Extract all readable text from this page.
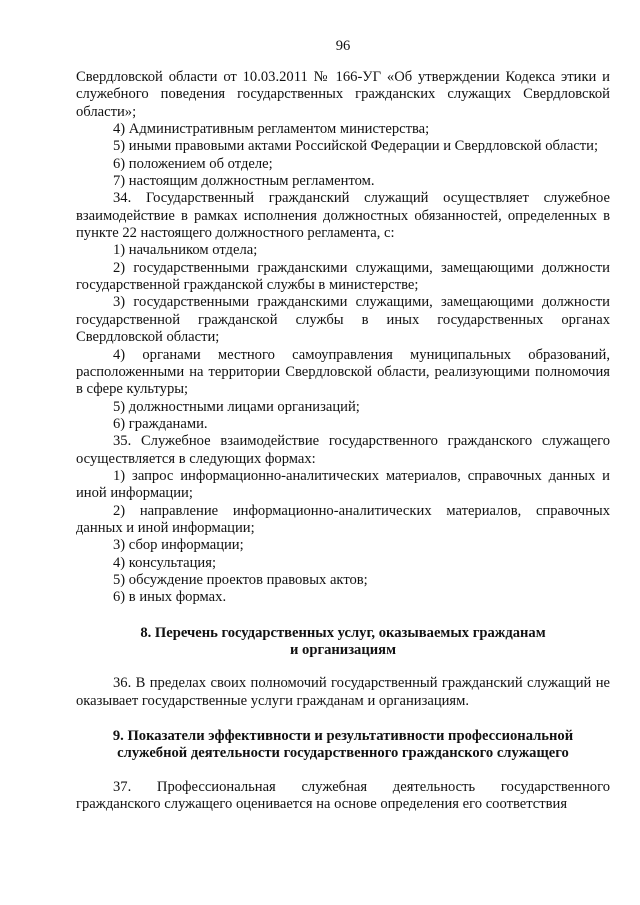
96

Свердловской области от 10.03.2011 № 166-УГ «Об утверждении Кодекса этики и служебного поведения государственных гражданских служащих Свердловской области»;

4) Административным регламентом министерства;

5) иными правовыми актами Российской Федерации и Свердловской области;

6) положением об отделе;

7) настоящим должностным регламентом.

34. Государственный гражданский служащий осуществляет служебное взаимодействие в рамках исполнения должностных обязанностей, определенных в пункте 22 настоящего должностного регламента, с:

1) начальником отдела;

2) государственными гражданскими служащими, замещающими должности государственной гражданской службы в министерстве;

3) государственными гражданскими служащими, замещающими должности государственной гражданской службы в иных государственных органах Свердловской области;

4) органами местного самоуправления муниципальных образований, расположенными на территории Свердловской области, реализующими полномочия в сфере культуры;

5) должностными лицами организаций;

6) гражданами.

35. Служебное взаимодействие государственного гражданского служащего осуществляется в следующих формах:

1) запрос информационно-аналитических материалов, справочных данных и иной информации;

2) направление информационно-аналитических материалов, справочных данных и иной информации;

3) сбор информации;

4) консультация;

5) обсуждение проектов правовых актов;

6) в иных формах.

8. Перечень государственных услуг, оказываемых гражданам
и организациям

36. В пределах своих полномочий государственный гражданский служащий не оказывает государственные услуги гражданам и организациям.

9. Показатели эффективности и результативности профессиональной
служебной деятельности государственного гражданского служащего

37. Профессиональная служебная деятельность государственного гражданского служащего оценивается на основе определения его соответствия
